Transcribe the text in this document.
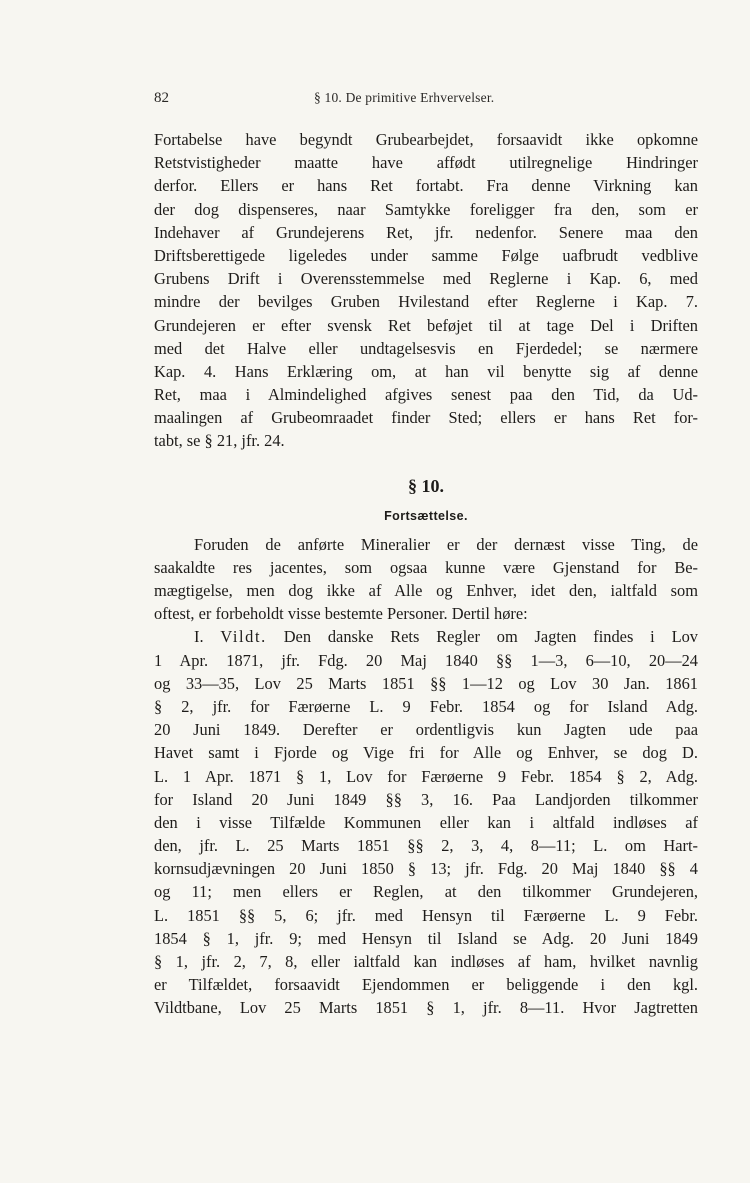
82	§ 10. De primitive Erhvervelser.
Fortabelse have begyndt Grubearbejdet, forsaavidt ikke opkomne
Retstvistigheder maatte have affødt utilregnelige Hindringer
derfor. Ellers er hans Ret fortabt. Fra denne Virkning kan
der dog dispenseres, naar Samtykke foreligger fra den, som er
Indehaver af Grundejerens Ret, jfr. nedenfor. Senere maa den
Driftsberettigede ligeledes under samme Følge uafbrudt vedblive
Grubens Drift i Overensstemmelse med Reglerne i Kap. 6, med
mindre der bevilges Gruben Hvilestand efter Reglerne i Kap. 7.
Grundejeren er efter svensk Ret beføjet til at tage Del i Driften
med det Halve eller undtagelsesvis en Fjerdedel; se nærmere
Kap. 4. Hans Erklæring om, at han vil benytte sig af denne
Ret, maa i Almindelighed afgives senest paa den Tid, da Ud-
maalingen af Grubeomraadet finder Sted; ellers er hans Ret for-
tabt, se § 21, jfr. 24.
§ 10.
Fortsættelse.
Foruden de anførte Mineralier er der dernæst visse Ting, de
saakaldte res jacentes, som ogsaa kunne være Gjenstand for Be-
mægtigelse, men dog ikke af Alle og Enhver, idet den, ialtfald som
oftest, er forbeholdt visse bestemte Personer. Dertil høre:
I. Vildt. Den danske Rets Regler om Jagten findes i Lov
1 Apr. 1871, jfr. Fdg. 20 Maj 1840 §§ 1—3, 6—10, 20—24
og 33—35, Lov 25 Marts 1851 §§ 1—12 og Lov 30 Jan. 1861
§ 2, jfr. for Færøerne L. 9 Febr. 1854 og for Island Adg.
20 Juni 1849. Derefter er ordentligvis kun Jagten ude paa
Havet samt i Fjorde og Vige fri for Alle og Enhver, se dog D.
L. 1 Apr. 1871 § 1, Lov for Færøerne 9 Febr. 1854 § 2, Adg.
for Island 20 Juni 1849 §§ 3, 16. Paa Landjorden tilkommer
den i visse Tilfælde Kommunen eller kan i altfald indløses af
den, jfr. L. 25 Marts 1851 §§ 2, 3, 4, 8—11; L. om Hart-
kornsudjævningen 20 Juni 1850 § 13; jfr. Fdg. 20 Maj 1840 §§ 4
og 11; men ellers er Reglen, at den tilkommer Grundejeren,
L. 1851 §§ 5, 6; jfr. med Hensyn til Færøerne L. 9 Febr.
1854 § 1, jfr. 9; med Hensyn til Island se Adg. 20 Juni 1849
§ 1, jfr. 2, 7, 8, eller ialtfald kan indløses af ham, hvilket navnlig
er Tilfældet, forsaavidt Ejendommen er beliggende i den kgl.
Vildtbane, Lov 25 Marts 1851 § 1, jfr. 8—11. Hvor Jagtretten
